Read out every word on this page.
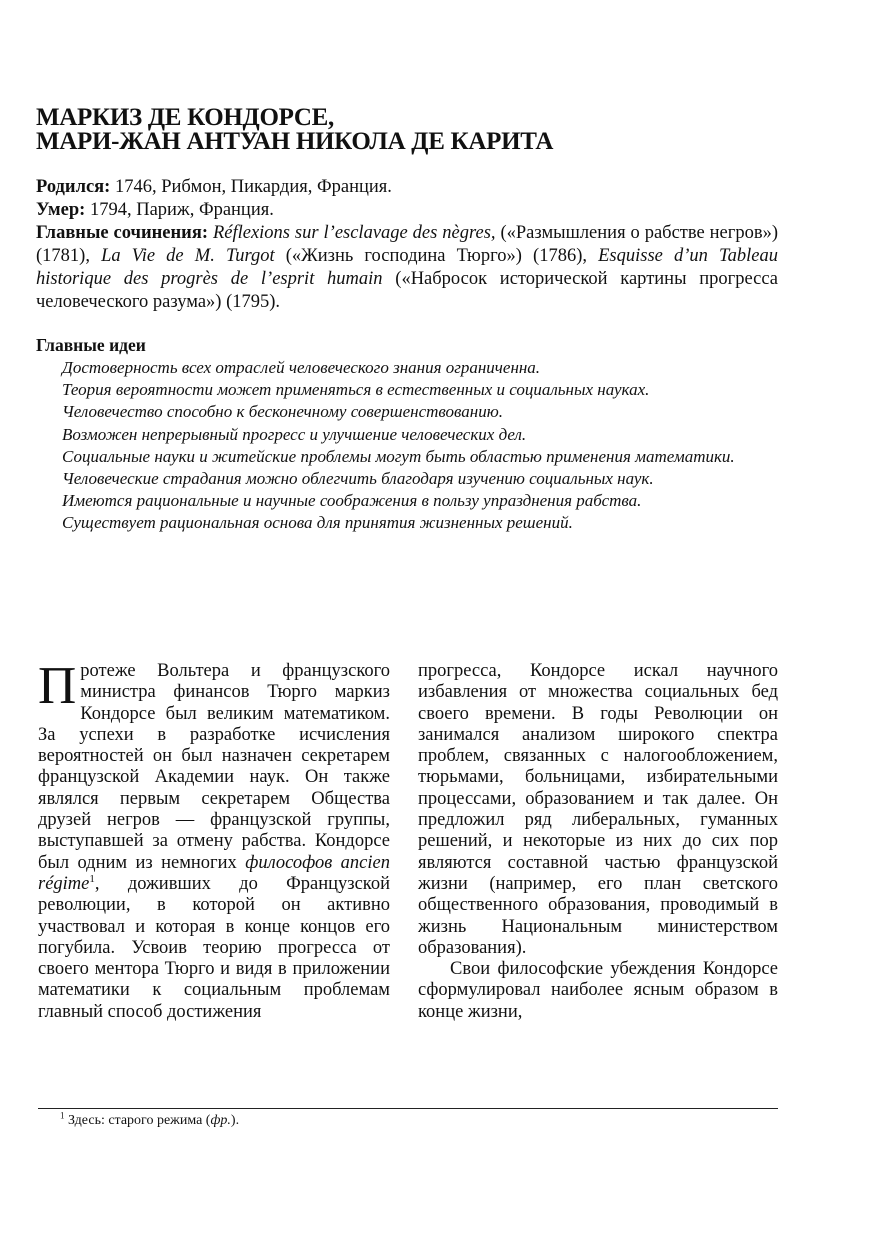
МАРКИЗ ДЕ КОНДОРСЕ,
МАРИ-ЖАН АНТУАН НИКОЛА ДЕ КАРИТА
Родился: 1746, Рибмон, Пикардия, Франция.
Умер: 1794, Париж, Франция.
Главные сочинения: Réflexions sur l’esclavage des nègres, («Размышления о рабстве негров») (1781), La Vie de M. Turgot («Жизнь господина Тюрго») (1786), Esquisse d’un Tableau historique des progrès de l’esprit humain («Набросок исторической картины прогресса человеческого разума») (1795).
Главные идеи
Достоверность всех отраслей человеческого знания ограниченна.
Теория вероятности может применяться в естественных и социальных науках.
Человечество способно к бесконечному совершенствованию.
Возможен непрерывный прогресс и улучшение человеческих дел.
Социальные науки и житейские проблемы могут быть областью применения математики.
Человеческие страдания можно облегчить благодаря изучению социальных наук.
Имеются рациональные и научные соображения в пользу упразднения рабства.
Существует рациональная основа для принятия жизненных решений.

Протеже Вольтера и французского министра финансов Тюрго маркиз Кондорсе был великим математиком. За успехи в разработке исчисления вероятностей он был назначен секретарем французской Академии наук. Он также являлся первым секретарем Общества друзей негров — французской группы, выступавшей за отмену рабства. Кондорсе был одним из немногих философов ancien régime$^1$, доживших до Французской революции, в которой он активно участвовал и которая в конце концов его погубила. Усвоив теорию прогресса от своего ментора Тюрго и видя в приложении математики к социальным проблемам главный способ достижения

прогресса, Кондорсе искал научного избавления от множества социальных бед своего времени. В годы Революции он занимался анализом широкого спектра проблем, связанных с налогообложением, тюрьмами, больницами, избирательными процессами, образованием и так далее. Он предложил ряд либеральных, гуманных решений, и некоторые из них до сих пор являются составной частью французской жизни (например, его план светского общественного образования, проводимый в жизнь Национальным министерством образования).

Свои философские убеждения Кондорсе сформулировал наиболее ясным образом в конце жизни,

$^1$ Здесь: старого режима (фр.).
